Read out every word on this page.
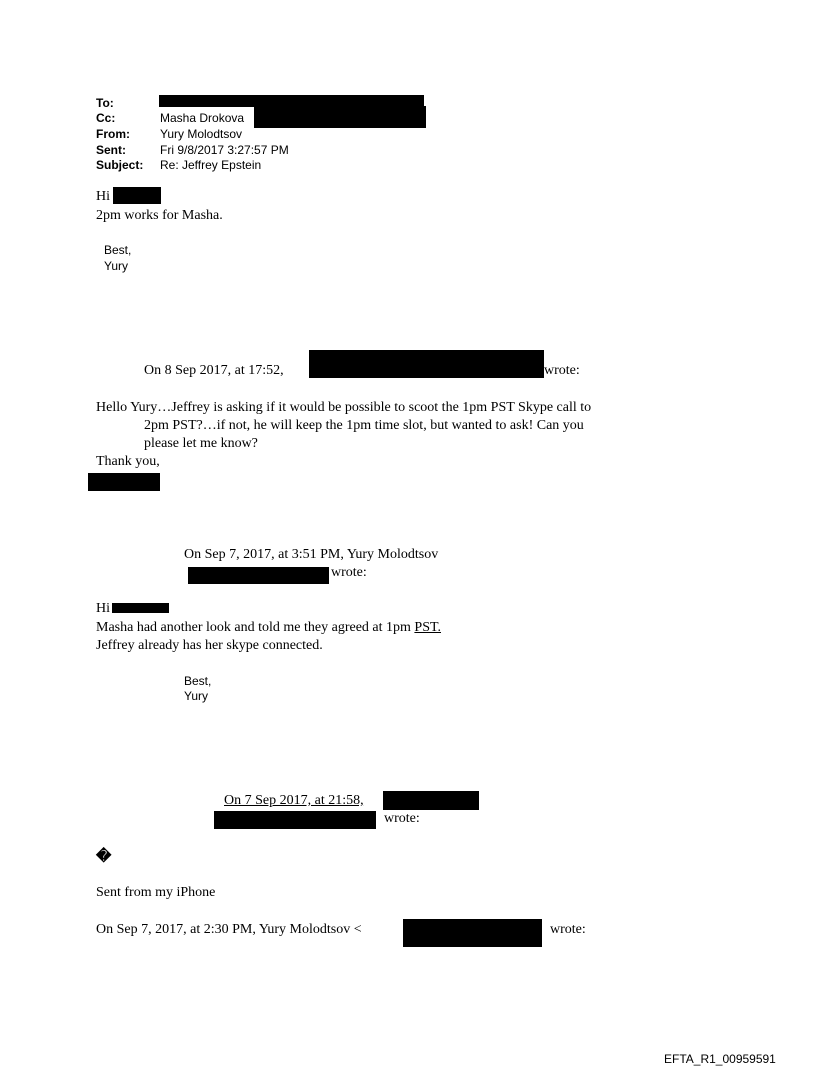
To:
Cc:	Masha Drokova
From:	Yury Molodtsov
Sent:	Fri 9/8/2017 3:27:57 PM
Subject: Re: Jeffrey Epstein
Hi
2pm works for Masha.
Best,
Yury
On 8 Sep 2017, at 17:52,	wrote:
Hello Yury…Jeffrey is asking if it would be possible to scoot the 1pm PST Skype call to
2pm PST?…if not, he will keep the 1pm time slot, but wanted to ask! Can you
please let me know?
Thank you,
On Sep 7, 2017, at 3:51 PM, Yury Molodtsov
wrote:
Hi
Masha had another look and told me they agreed at 1pm PST.
Jeffrey already has her skype connected.
Best,
Yury
On 7 Sep 2017, at 21:58,
wrote:
�
Sent from my iPhone
On Sep 7, 2017, at 2:30 PM, Yury Molodtsov <	wrote:
EFTA_R1_00959591
